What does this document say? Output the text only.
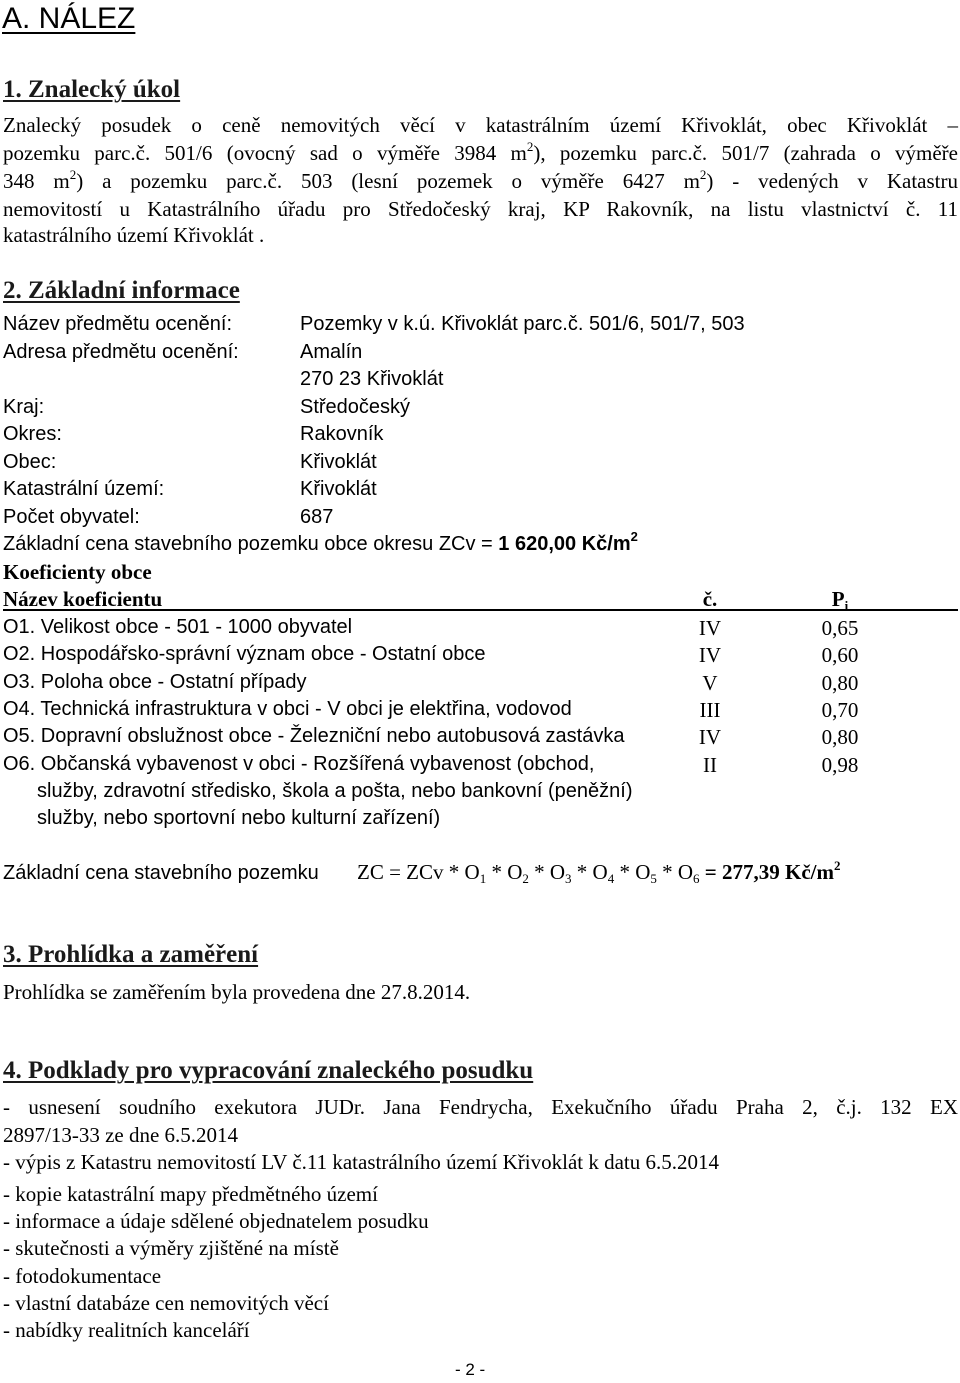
A. NÁLEZ
1. Znalecký úkol
Znalecký posudek o ceně nemovitých věcí v katastrálním území Křivoklát, obec Křivoklát –
pozemku parc.č. 501/6 (ovocný sad o výměře 3984 $m^2$), pozemku parc.č. 501/7 (zahrada o výměře
348 $m^2$) a pozemku parc.č. 503 (lesní pozemek o výměře 6427 $m^2$) - vedených v Katastru
nemovitostí u Katastrálního úřadu pro Středočeský kraj, KP Rakovník, na listu vlastnictví č. 11
katastrálního území Křivoklát .
2. Základní informace
Název předmětu ocenění:	Pozemky v k.ú. Křivoklát parc.č. 501/6, 501/7, 503
Adresa předmětu ocenění:	Amalín
270 23 Křivoklát
Kraj:	Středočeský
Okres:	Rakovník
Obec:	Křivoklát
Katastrální území:	Křivoklát
Počet obyvatel:	687
Základní cena stavebního pozemku obce okresu ZCv = 1 620,00 $Kč/m^2$
Koeficienty obce
Název koeficientu	č.	$P_i$
O1. Velikost obce - 501 - 1000 obyvatel	IV	0,65
O2. Hospodářsko-správní význam obce - Ostatní obce	IV	0,60
O3. Poloha obce - Ostatní případy	V	0,80
O4. Technická infrastruktura v obci - V obci je elektřina, vodovod	III	0,70
O5. Dopravní obslužnost obce - Železniční nebo autobusová zastávka	IV	0,80
O6. Občanská vybavenost v obci - Rozšířená vybavenost (obchod,	II	0,98
služby, zdravotní středisko, škola a pošta, nebo bankovní (peněžní)
služby, nebo sportovní nebo kulturní zařízení)
Základní cena stavebního pozemku ZC = ZCv * $O_1 * O_2 * O_3 * O_4 * O_5 * O_6 = 277,39$ $Kč/m^2$
3. Prohlídka a zaměření
Prohlídka se zaměřením byla provedena dne 27.8.2014.
4. Podklady pro vypracování znaleckého posudku
- usnesení soudního exekutora JUDr. Jana Fendrycha, Exekučního úřadu Praha 2, č.j. 132 EX
2897/13-33 ze dne 6.5.2014
- výpis z Katastru nemovitostí LV č.11 katastrálního území Křivoklát k datu 6.5.2014
- kopie katastrální mapy předmětného území
- informace a údaje sdělené objednatelem posudku
- skutečnosti a výměry zjištěné na místě
- fotodokumentace
- vlastní databáze cen nemovitých věcí
- nabídky realitních kanceláří
- 2 -
